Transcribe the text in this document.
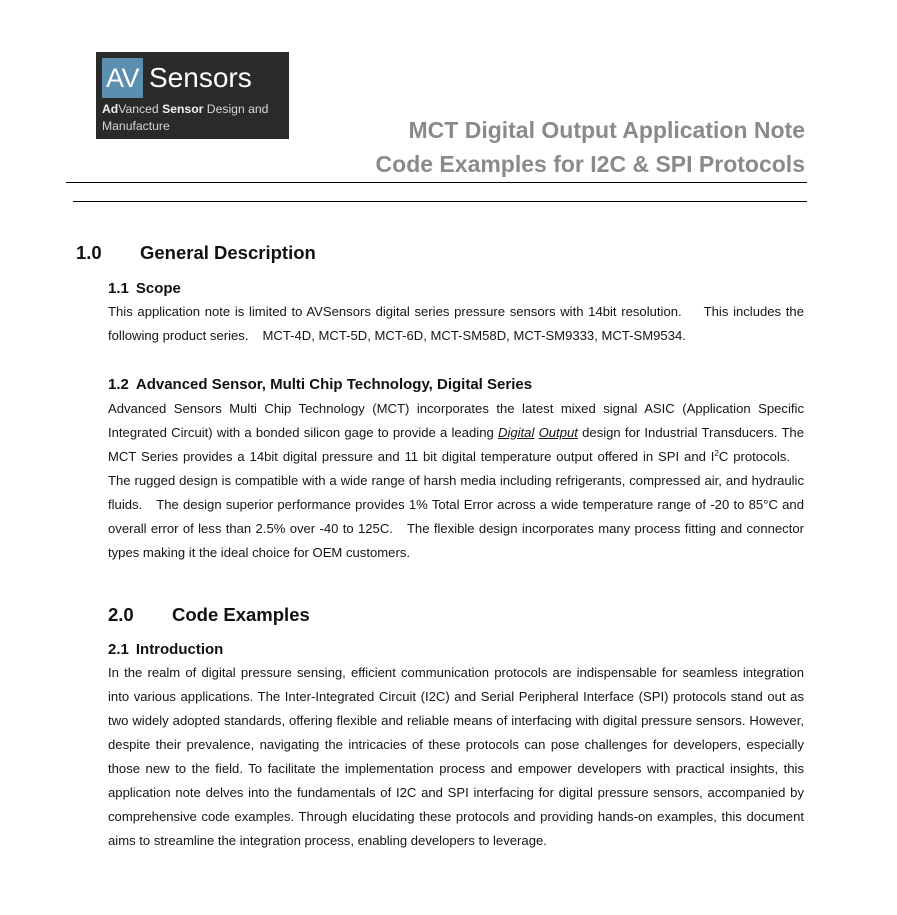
AV Sensors
AdVanced Sensor Design and Manufacture	MCT Digital Output Application Note
Code Examples for I2C & SPI Protocols
1.0 General Description
1.1 Scope
This application note is limited to AVSensors digital series pressure sensors with 14bit resolution. This includes the following product series. MCT-4D, MCT-5D, MCT-6D, MCT-SM58D, MCT-SM9333, MCT-SM9534.
1.2 Advanced Sensor, Multi Chip Technology, Digital Series
Advanced Sensors Multi Chip Technology (MCT) incorporates the latest mixed signal ASIC (Application Specific Integrated Circuit) with a bonded silicon gage to provide a leading Digital Output design for Industrial Transducers. The MCT Series provides a 14bit digital pressure and 11 bit digital temperature output offered in SPI and $I^2C$ protocols.The rugged design is compatible with a wide range of harsh media including refrigerants, compressed air, and hydraulic fluids. The design superior performance provides 1% Total Error across a wide temperature range of -20 to 85°C and overall error of less than 2.5% over -40 to 125C. The flexible design incorporates many process fitting and connector types making it the ideal choice for OEM customers.
2.0 Code Examples
2.1 Introduction
In the realm of digital pressure sensing, efficient communication protocols are indispensable for seamless integration into various applications. The Inter-Integrated Circuit (I2C) and Serial Peripheral Interface (SPI) protocols stand out as two widely adopted standards, offering flexible and reliable means of interfacing with digital pressure sensors. However, despite their prevalence, navigating the intricacies of these protocols can pose challenges for developers, especially those new to the field. To facilitate the implementation process and empower developers with practical insights, this application note delves into the fundamentals of I2C and SPI interfacing for digital pressure sensors, accompanied by comprehensive code examples. Through elucidating these protocols and providing hands-on examples, this document aims to streamline the integration process, enabling developers to leverage.
